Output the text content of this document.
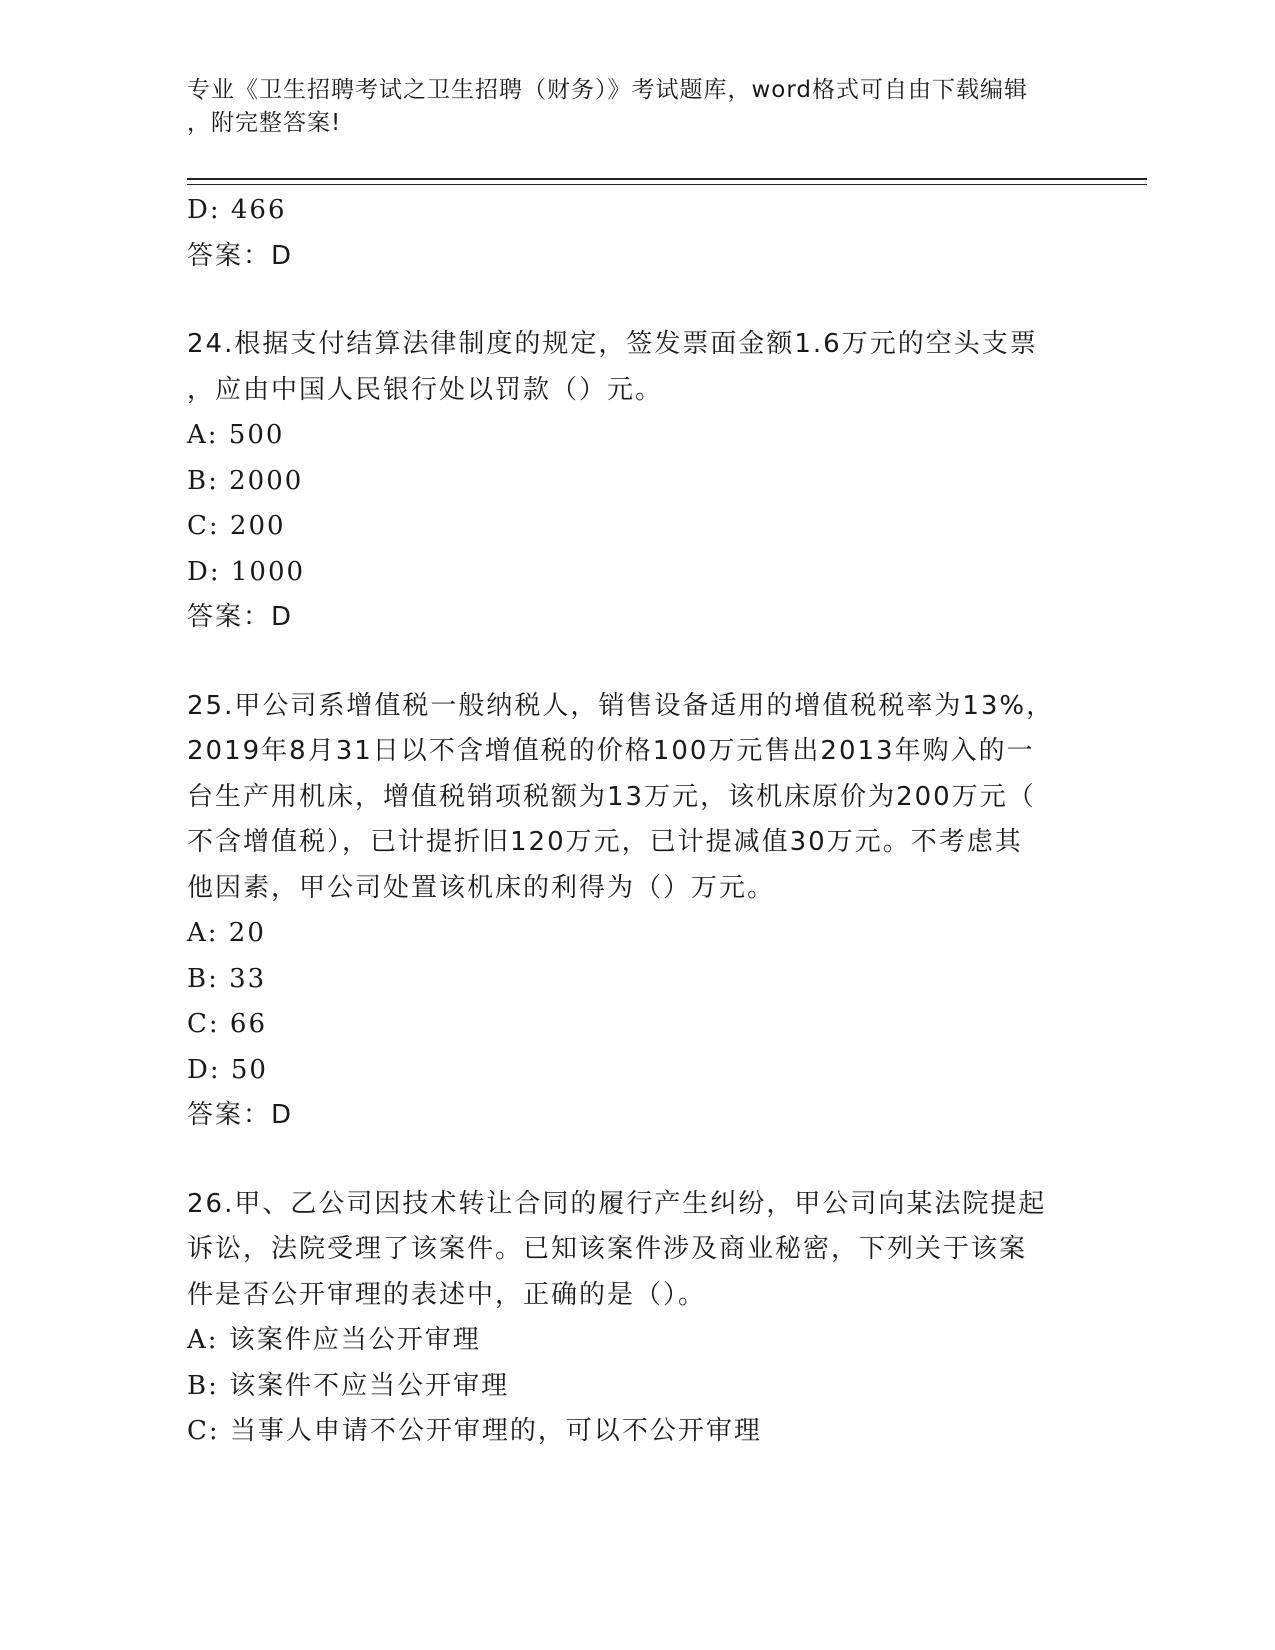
专业《卫生招聘考试之卫生招聘（财务）》考试题库，word格式可自由下载编辑
，附完整答案!
D: 466
答案：D
24.根据支付结算法律制度的规定，签发票面金额1.6万元的空头支票
，应由中国人民银行处以罚款（）元。
A: 500
B: 2000
C: 200
D: 1000
答案：D
25.甲公司系增值税一般纳税人，销售设备适用的增值税税率为13%，
2019年8月31日以不含增值税的价格100万元售出2013年购入的一
台生产用机床，增值税销项税额为13万元，该机床原价为200万元（
不含增值税），已计提折旧120万元，已计提减值30万元。不考虑其
他因素，甲公司处置该机床的利得为（）万元。
A: 20
B: 33
C: 66
D: 50
答案：D
26.甲、乙公司因技术转让合同的履行产生纠纷，甲公司向某法院提起
诉讼，法院受理了该案件。已知该案件涉及商业秘密，下列关于该案
件是否公开审理的表述中，正确的是（）。
A: 该案件应当公开审理
B: 该案件不应当公开审理
C: 当事人申请不公开审理的，可以不公开审理
